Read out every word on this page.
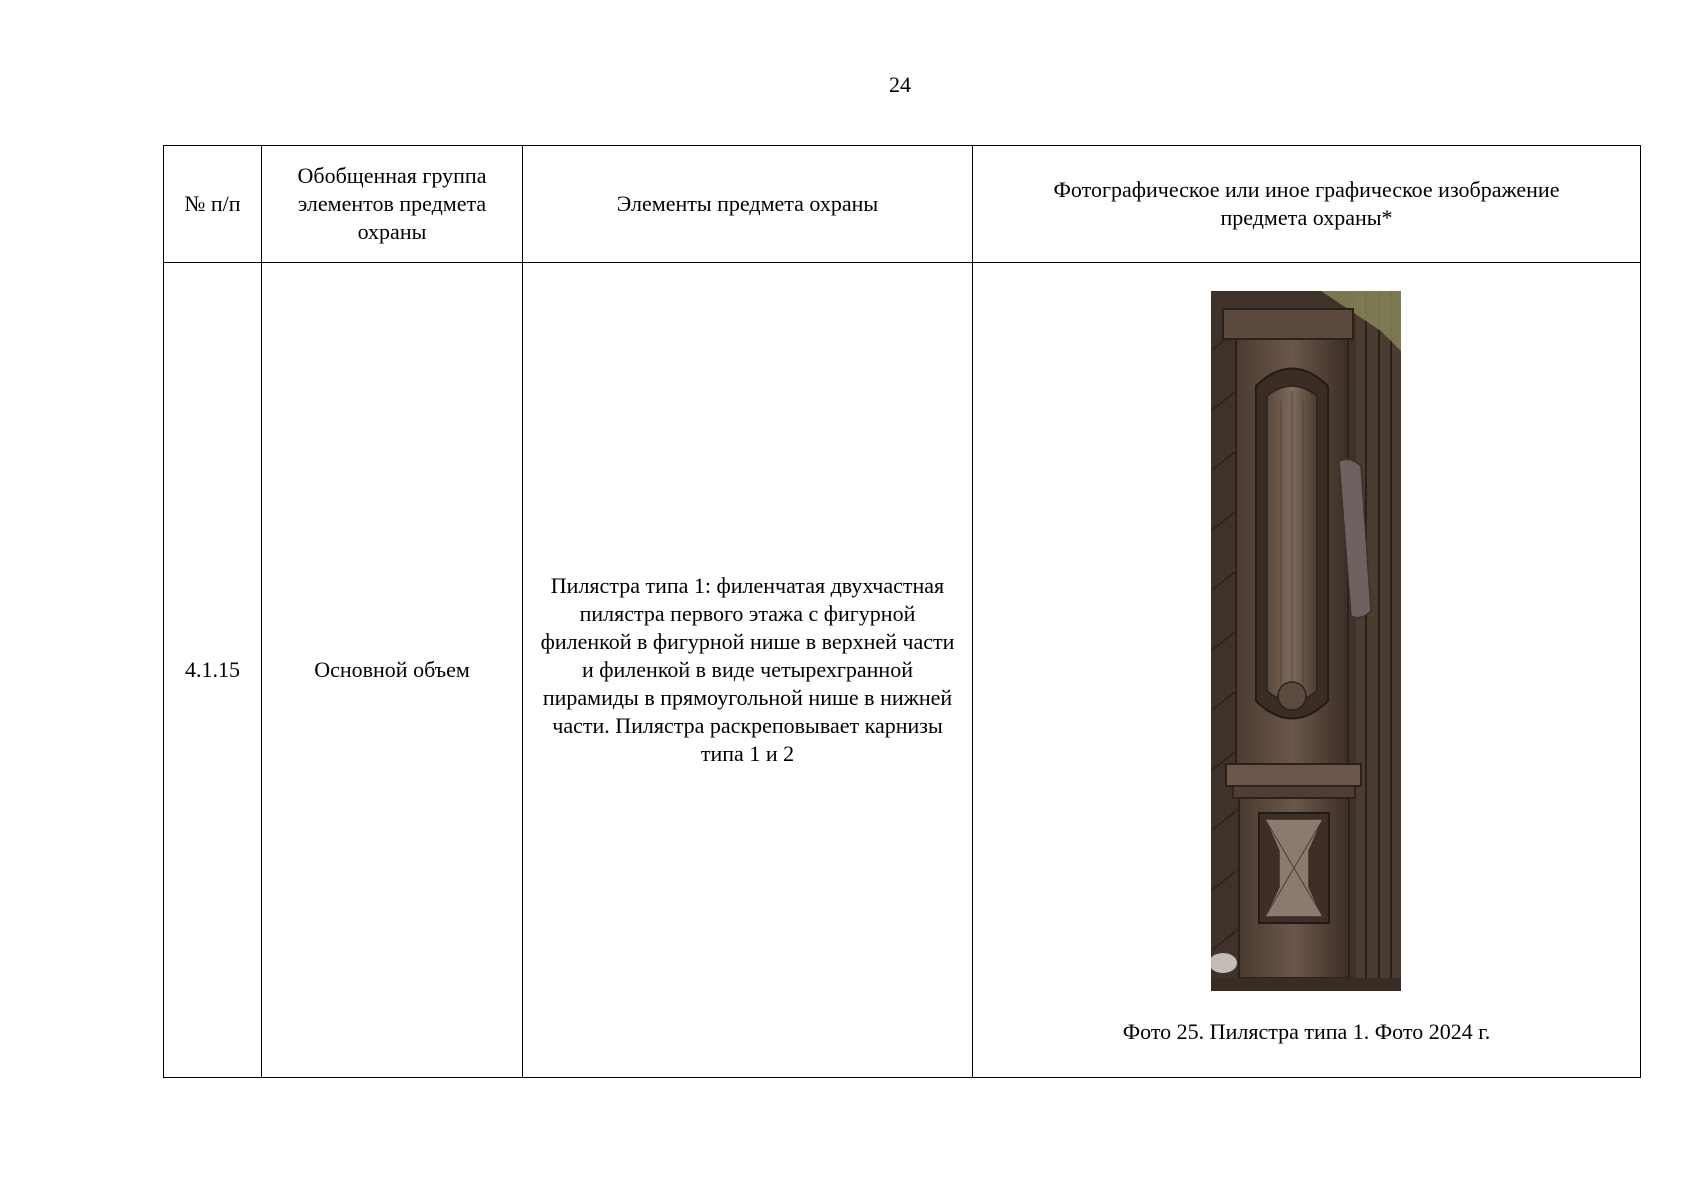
24
№ п/п	Обобщенная группа элементов предмета охраны	Элементы предмета охраны	Фотографическое или иное графическое изображение предмета охраны*
4.1.15	Основной объем	Пилястра типа 1: филенчатая двухчастная пилястра первого этажа с фигурной филенкой в фигурной нише в верхней части и филенкой в виде четырехгранной пирамиды в прямоугольной нише в нижней части. Пилястра раскреповывает карнизы типа 1 и 2	Фото 25. Пилястра типа 1. Фото 2024 г.
